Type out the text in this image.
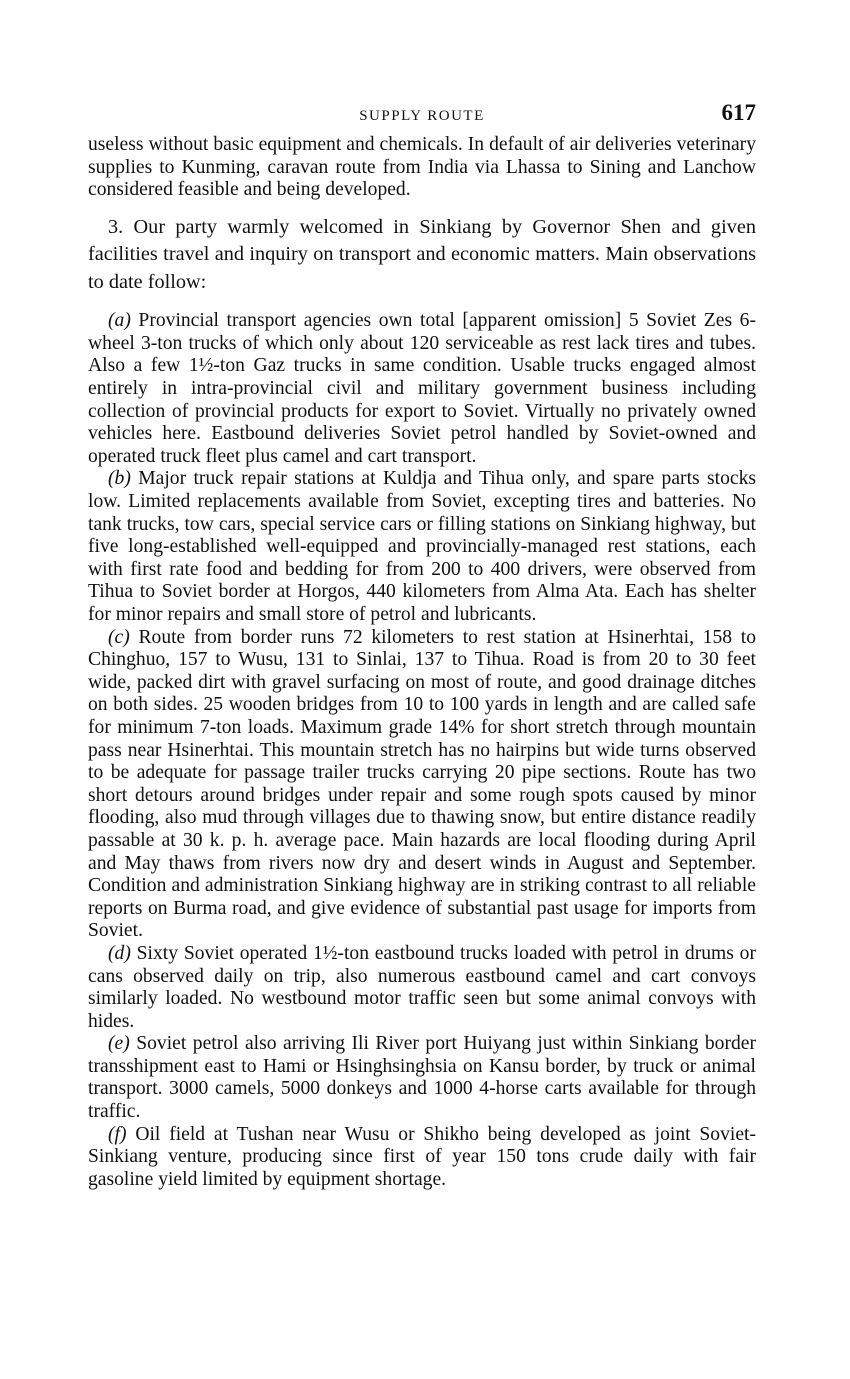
SUPPLY ROUTE	617

useless without basic equipment and chemicals. In default of air deliveries veterinary supplies to Kunming, caravan route from India via Lhassa to Sining and Lanchow considered feasible and being developed.

3. Our party warmly welcomed in Sinkiang by Governor Shen and given facilities travel and inquiry on transport and economic matters. Main observations to date follow:

(a) Provincial transport agencies own total [apparent omission] 5 Soviet Zes 6-wheel 3-ton trucks of which only about 120 serviceable as rest lack tires and tubes. Also a few 1½-ton Gaz trucks in same condition. Usable trucks engaged almost entirely in intra-provincial civil and military government business including collection of provincial products for export to Soviet. Virtually no privately owned vehicles here. Eastbound deliveries Soviet petrol handled by Soviet-owned and operated truck fleet plus camel and cart transport.

(b) Major truck repair stations at Kuldja and Tihua only, and spare parts stocks low. Limited replacements available from Soviet, excepting tires and batteries. No tank trucks, tow cars, special service cars or filling stations on Sinkiang highway, but five long-established well-equipped and provincially-managed rest stations, each with first rate food and bedding for from 200 to 400 drivers, were observed from Tihua to Soviet border at Horgos, 440 kilometers from Alma Ata. Each has shelter for minor repairs and small store of petrol and lubricants.

(c) Route from border runs 72 kilometers to rest station at Hsinerhtai, 158 to Chinghuo, 157 to Wusu, 131 to Sinlai, 137 to Tihua. Road is from 20 to 30 feet wide, packed dirt with gravel surfacing on most of route, and good drainage ditches on both sides. 25 wooden bridges from 10 to 100 yards in length and are called safe for minimum 7-ton loads. Maximum grade 14% for short stretch through mountain pass near Hsinerhtai. This mountain stretch has no hairpins but wide turns observed to be adequate for passage trailer trucks carrying 20 pipe sections. Route has two short detours around bridges under repair and some rough spots caused by minor flooding, also mud through villages due to thawing snow, but entire distance readily passable at 30 k. p. h. average pace. Main hazards are local flooding during April and May thaws from rivers now dry and desert winds in August and September. Condition and administration Sinkiang highway are in striking contrast to all reliable reports on Burma road, and give evidence of substantial past usage for imports from Soviet.

(d) Sixty Soviet operated 1½-ton eastbound trucks loaded with petrol in drums or cans observed daily on trip, also numerous eastbound camel and cart convoys similarly loaded. No westbound motor traffic seen but some animal convoys with hides.

(e) Soviet petrol also arriving Ili River port Huiyang just within Sinkiang border transshipment east to Hami or Hsinghsinghsia on Kansu border, by truck or animal transport. 3000 camels, 5000 donkeys and 1000 4-horse carts available for through traffic.

(f) Oil field at Tushan near Wusu or Shikho being developed as joint Soviet-Sinkiang venture, producing since first of year 150 tons crude daily with fair gasoline yield limited by equipment shortage.
